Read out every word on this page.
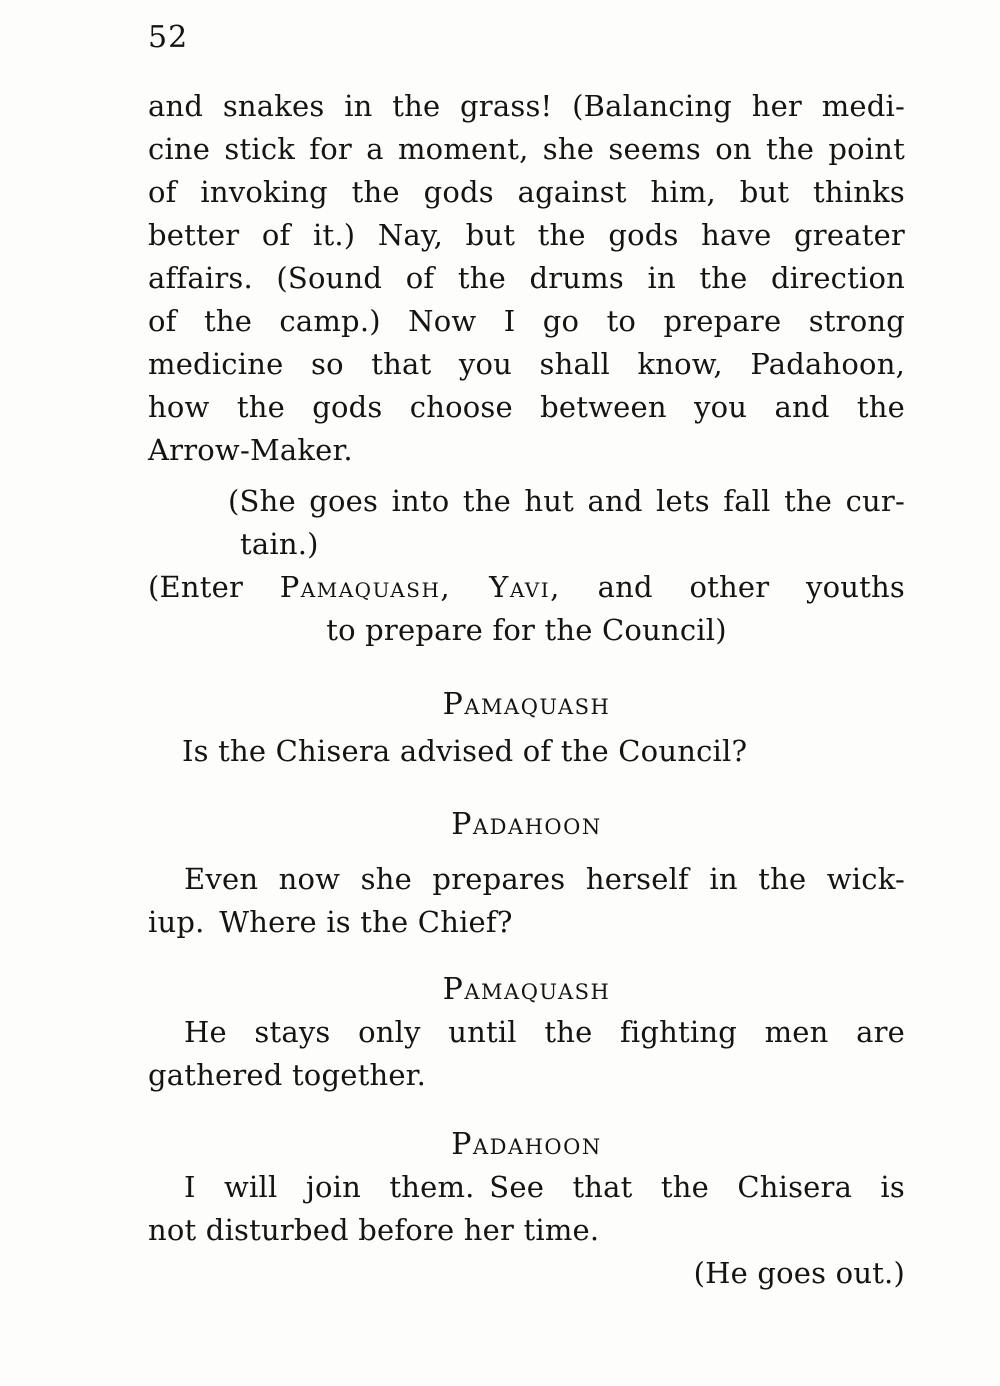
52
and snakes in the grass! (Balancing her medi-
cine stick for a moment, she seems on the point
of invoking the gods against him, but thinks
better of it.) Nay, but the gods have greater
affairs. (Sound of the drums in the direction
of the camp.) Now I go to prepare strong
medicine so that you shall know, Padahoon,
how the gods choose between you and the
Arrow-Maker.
(She goes into the hut and lets fall the cur-
tain.)
(Enter Pamaquash, Yavi, and other youths
to prepare for the Council)
Pamaquash
Is the Chisera advised of the Council?
Padahoon
Even now she prepares herself in the wick-
iup. Where is the Chief?
Pamaquash
He stays only until the fighting men are
gathered together.
Padahoon
I will join them. See that the Chisera is
not disturbed before her time.
(He goes out.)
